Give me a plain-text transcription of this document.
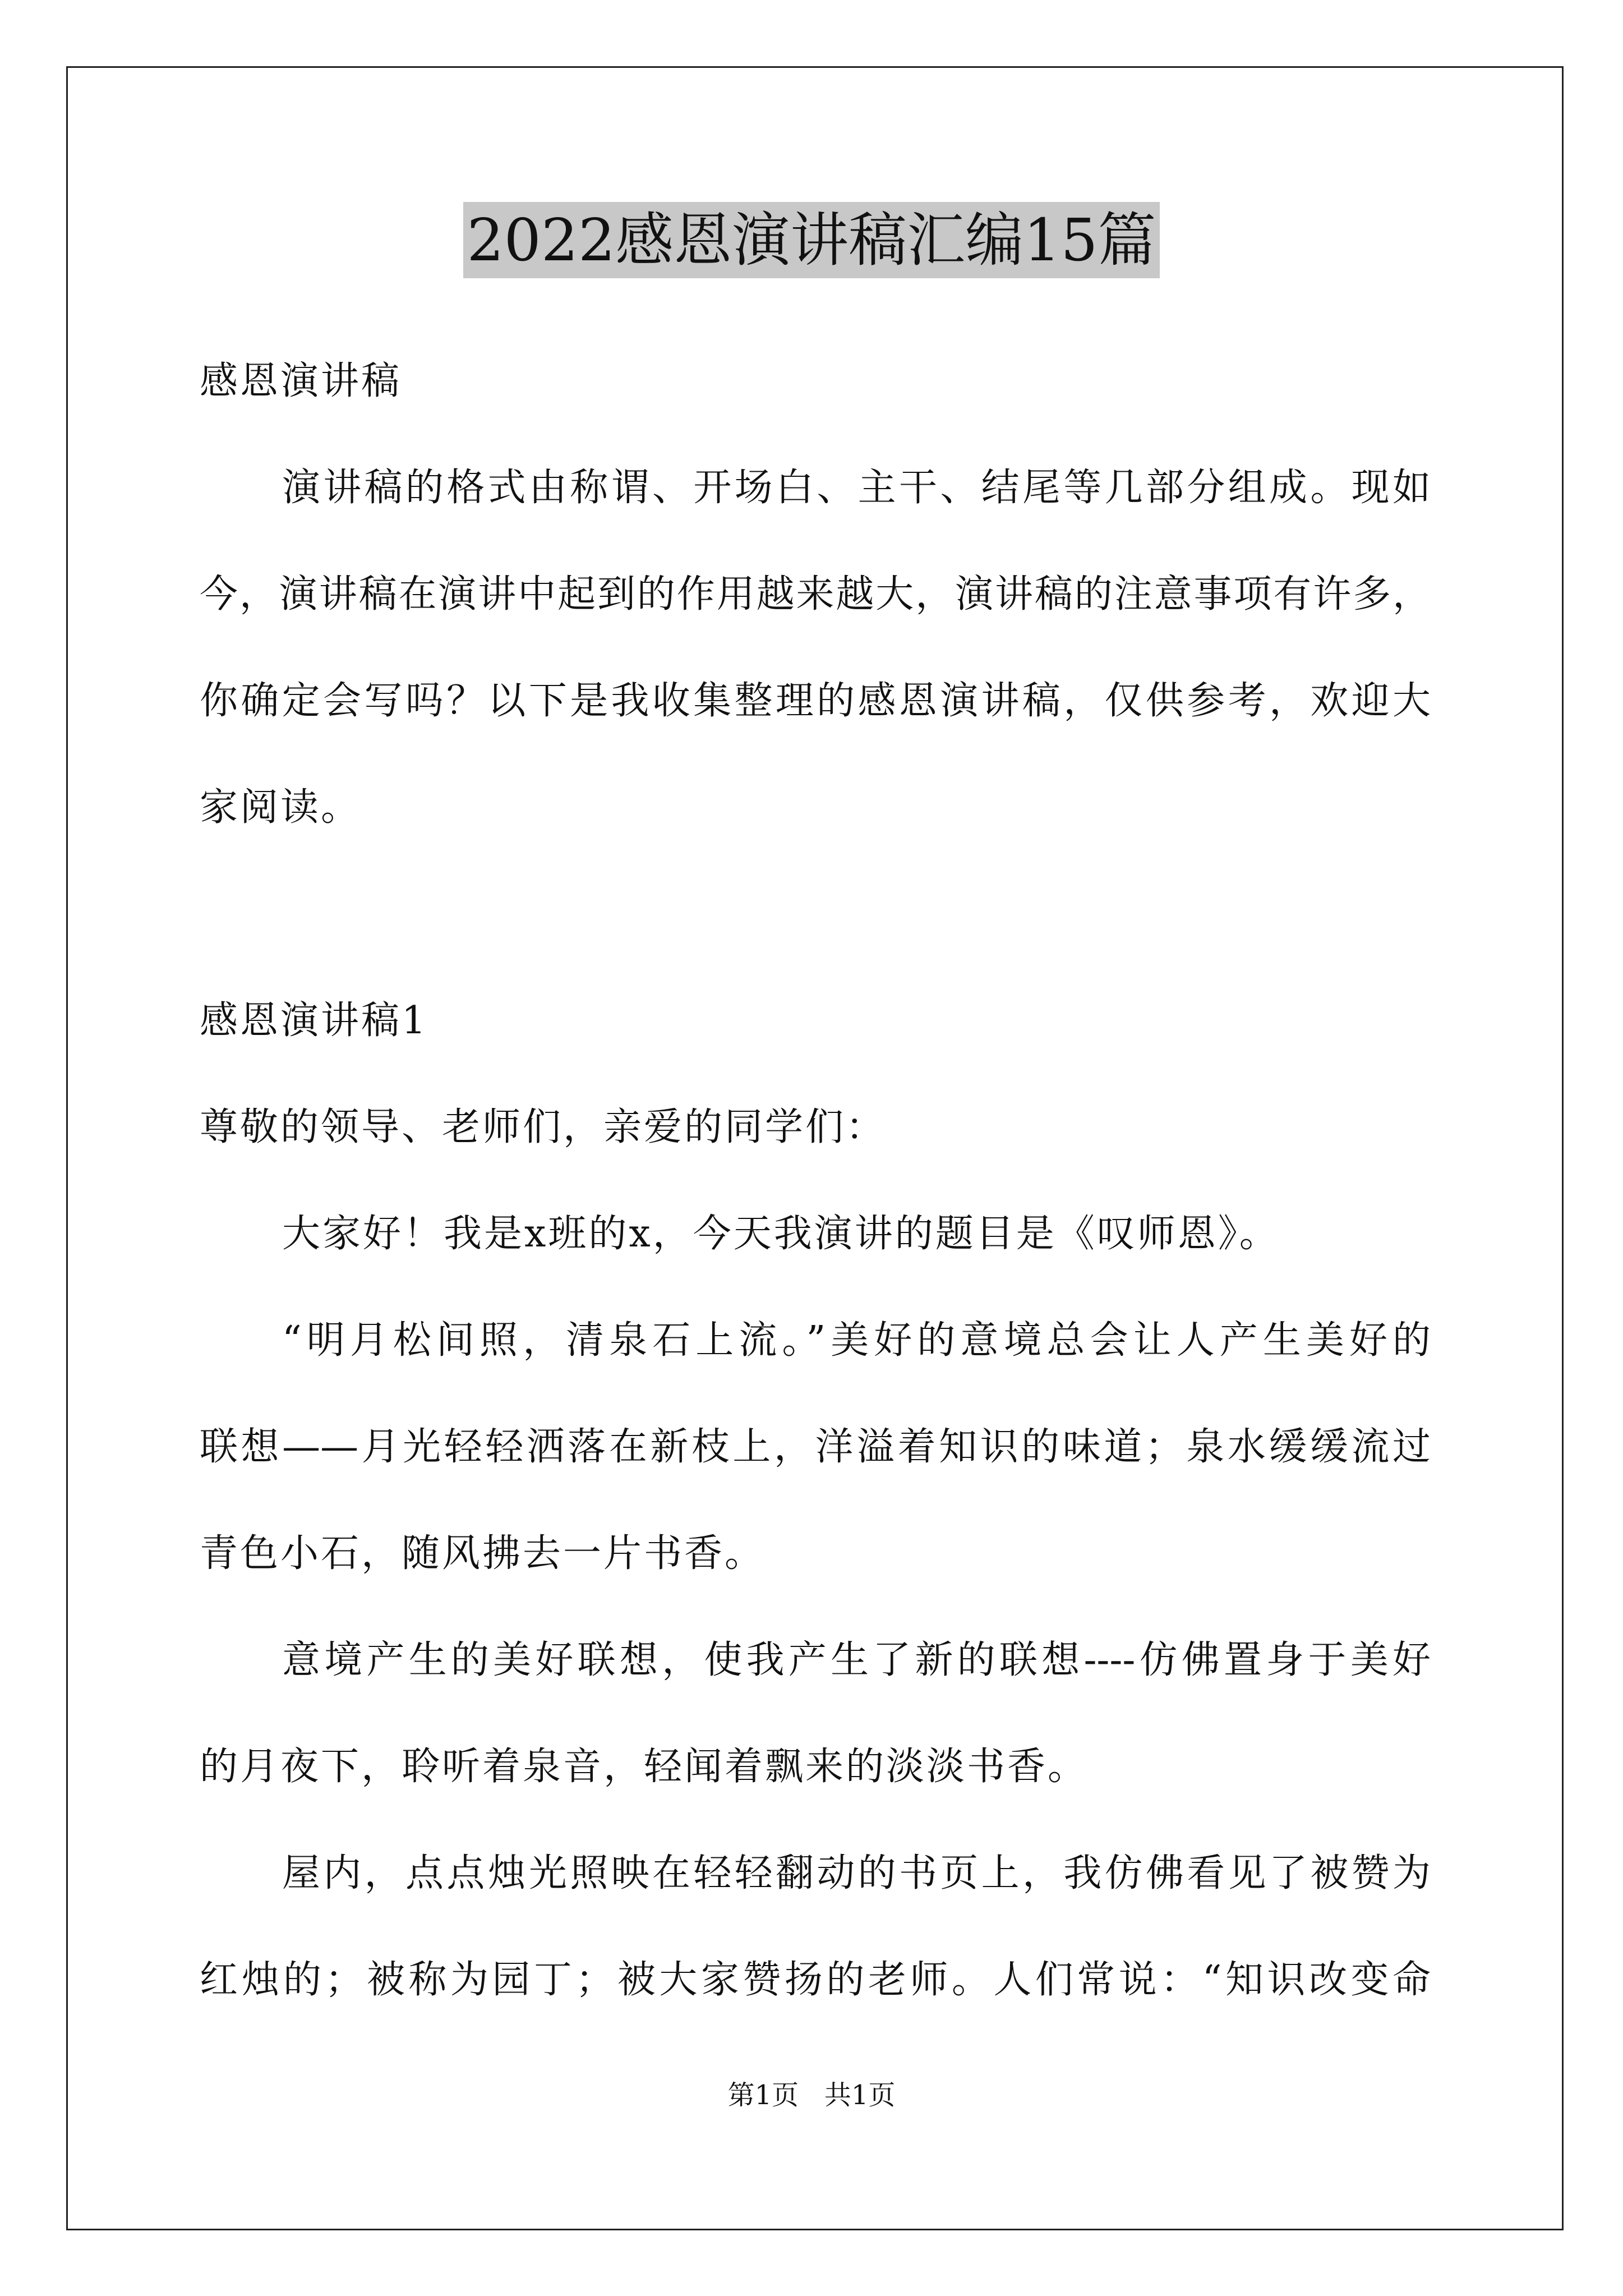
2022感恩演讲稿汇编15篇
感恩演讲稿
演讲稿的格式由称谓、开场白、主干、结尾等几部分组成。现如
今，演讲稿在演讲中起到的作用越来越大，演讲稿的注意事项有许多，
你确定会写吗？以下是我收集整理的感恩演讲稿，仅供参考，欢迎大
家阅读。
感恩演讲稿1
尊敬的领导、老师们，亲爱的同学们：
大家好！我是x班的x，今天我演讲的题目是《叹师恩》。
“明月松间照，清泉石上流。”美好的意境总会让人产生美好的
联想——月光轻轻洒落在新枝上，洋溢着知识的味道；泉水缓缓流过
青色小石，随风拂去一片书香。
意境产生的美好联想，使我产生了新的联想----仿佛置身于美好
的月夜下，聆听着泉音，轻闻着飘来的淡淡书香。
屋内，点点烛光照映在轻轻翻动的书页上，我仿佛看见了被赞为
红烛的；被称为园丁；被大家赞扬的老师。人们常说：“知识改变命
第1页   共1页
